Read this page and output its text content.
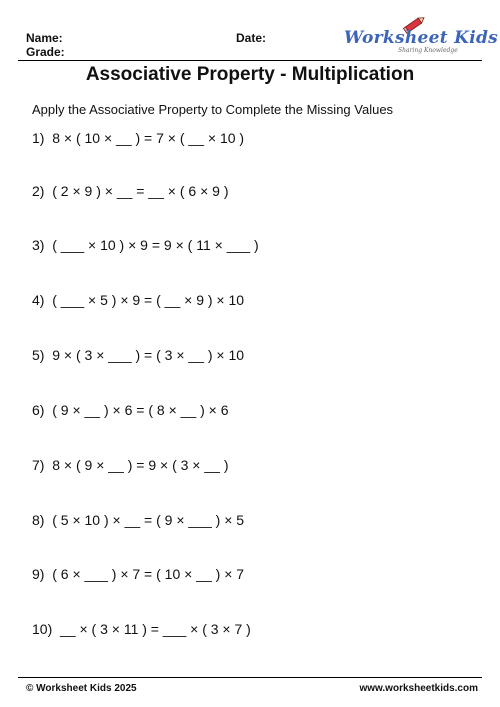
Name:
Grade:
Date:	Worksheet Kids
Sharing Knowledge
Associative Property - Multiplication
Apply the Associative Property to Complete the Missing Values
1)  8 × ( 10 × __ ) = 7 × ( __ × 10 )
2)  ( 2 × 9 ) × __ = __ × ( 6 × 9 )
3)  ( ___ × 10 ) × 9 = 9 × ( 11 × ___ )
4)  ( ___ × 5 ) × 9 = ( __ × 9 ) × 10
5)  9 × ( 3 × ___ ) = ( 3 × __ ) × 10
6)  ( 9 × __ ) × 6 = ( 8 × __ ) × 6
7)  8 × ( 9 × __ ) = 9 × ( 3 × __ )
8)  ( 5 × 10 ) × __ = ( 9 × ___ ) × 5
9)  ( 6 × ___ ) × 7 = ( 10 × __ ) × 7
10)  __ × ( 3 × 11 ) = ___ × ( 3 × 7 )
© Worksheet Kids 2025	www.worksheetkids.com
